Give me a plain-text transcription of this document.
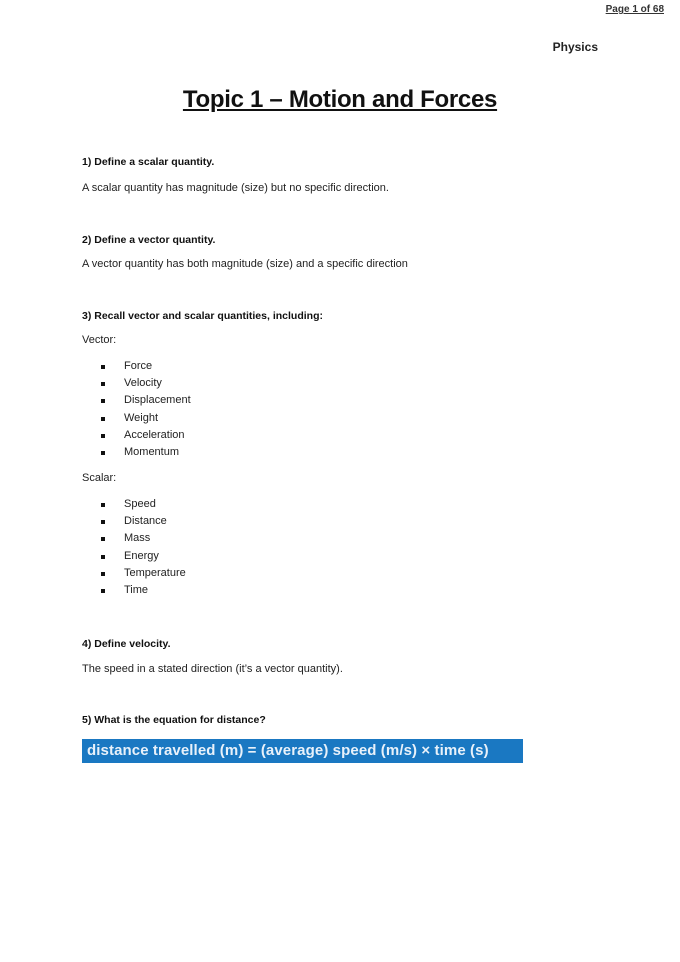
Page 1 of 68
Physics
Topic 1 – Motion and Forces
1) Define a scalar quantity.
A scalar quantity has magnitude (size) but no specific direction.
2) Define a vector quantity.
A vector quantity has both magnitude (size) and a specific direction
3) Recall vector and scalar quantities, including:
Vector:
Force
Velocity
Displacement
Weight
Acceleration
Momentum
Scalar:
Speed
Distance
Mass
Energy
Temperature
Time
4) Define velocity.
The speed in a stated direction (it’s a vector quantity).
5) What is the equation for distance?
distance travelled (m) = (average) speed (m/s) × time (s)
